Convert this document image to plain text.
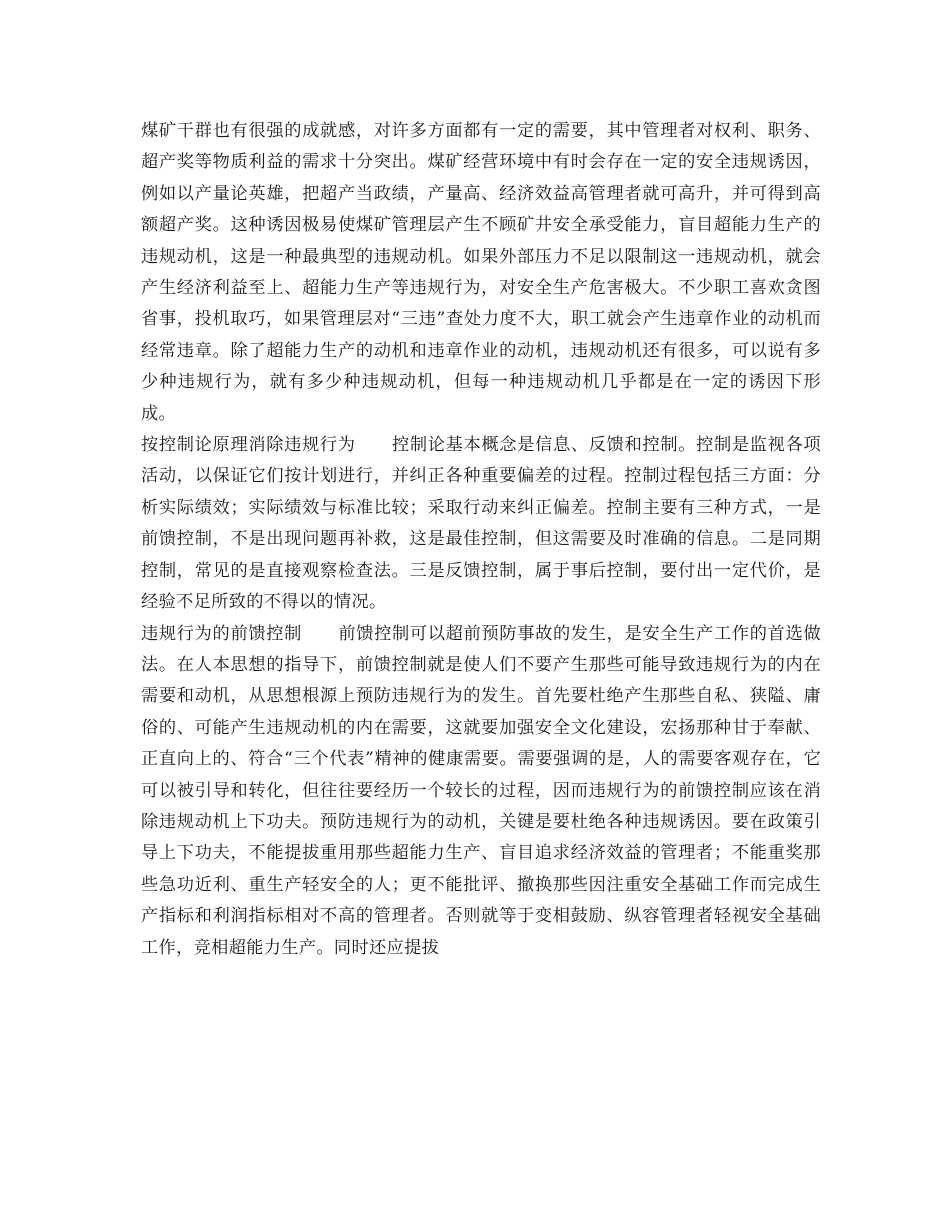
煤矿干群也有很强的成就感，对许多方面都有一定的需要，其中管理者对权利、职务、超产奖等物质利益的需求十分突出。煤矿经营环境中有时会存在一定的安全违规诱因，例如以产量论英雄，把超产当政绩，产量高、经济效益高管理者就可高升，并可得到高额超产奖。这种诱因极易使煤矿管理层产生不顾矿井安全承受能力，盲目超能力生产的违规动机，这是一种最典型的违规动机。如果外部压力不足以限制这一违规动机，就会产生经济利益至上、超能力生产等违规行为，对安全生产危害极大。不少职工喜欢贪图省事，投机取巧，如果管理层对“三违”查处力度不大，职工就会产生违章作业的动机而经常违章。除了超能力生产的动机和违章作业的动机，违规动机还有很多，可以说有多少种违规行为，就有多少种违规动机，但每一种违规动机几乎都是在一定的诱因下形成。

按控制论原理消除违规行为 控制论基本概念是信息、反馈和控制。控制是监视各项活动，以保证它们按计划进行，并纠正各种重要偏差的过程。控制过程包括三方面：分析实际绩效；实际绩效与标准比较；采取行动来纠正偏差。控制主要有三种方式，一是前馈控制，不是出现问题再补救，这是最佳控制，但这需要及时准确的信息。二是同期控制，常见的是直接观察检查法。三是反馈控制，属于事后控制，要付出一定代价，是经验不足所致的不得以的情况。

违规行为的前馈控制 前馈控制可以超前预防事故的发生，是安全生产工作的首选做法。在人本思想的指导下，前馈控制就是使人们不要产生那些可能导致违规行为的内在需要和动机，从思想根源上预防违规行为的发生。首先要杜绝产生那些自私、狭隘、庸俗的、可能产生违规动机的内在需要，这就要加强安全文化建设，宏扬那种甘于奉献、正直向上的、符合“三个代表”精神的健康需要。需要强调的是，人的需要客观存在，它可以被引导和转化，但往往要经历一个较长的过程，因而违规行为的前馈控制应该在消除违规动机上下功夫。预防违规行为的动机，关键是要杜绝各种违规诱因。要在政策引导上下功夫，不能提拔重用那些超能力生产、盲目追求经济效益的管理者；不能重奖那些急功近利、重生产轻安全的人；更不能批评、撤换那些因注重安全基础工作而完成生产指标和利润指标相对不高的管理者。否则就等于变相鼓励、纵容管理者轻视安全基础工作，竞相超能力生产。同时还应提拔
